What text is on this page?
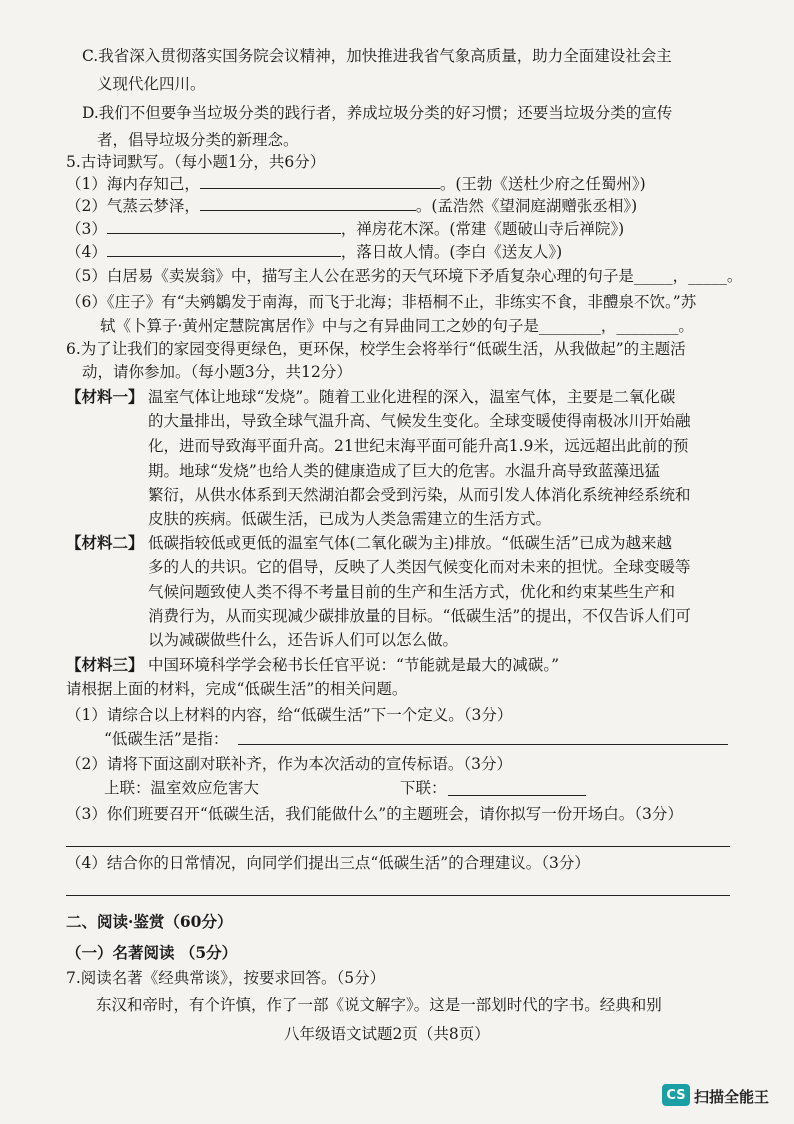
C.我省深入贯彻落实国务院会议精神，加快推进我省气象高质量，助力全面建设社会主
义现代化四川。
D.我们不但要争当垃圾分类的践行者，养成垃圾分类的好习惯；还要当垃圾分类的宣传
者，倡导垃圾分类的新理念。
5.古诗词默写。（每小题1分，共6分）
（1）海内存知己，	。(王勃《送杜少府之任蜀州》)
（2）气蒸云梦泽，	。(孟浩然《望洞庭湖赠张丞相》)
（3）	，禅房花木深。(常建《题破山寺后禅院》)
（4）	，落日故人情。(李白《送友人》)
（5）白居易《卖炭翁》中，描写主人公在恶劣的天气环境下矛盾复杂心理的句子是_____，_____。
（6）《庄子》有“夫鹓鶵发于南海，而飞于北海；非梧桐不止，非练实不食，非醴泉不饮。”苏
轼《卜算子·黄州定慧院寓居作》中与之有异曲同工之妙的句子是________，________。
6.为了让我们的家园变得更绿色，更环保，校学生会将举行“低碳生活，从我做起”的主题活
动，请你参加。（每小题3分，共12分）
【材料一】 温室气体让地球“发烧”。随着工业化进程的深入，温室气体，主要是二氧化碳
的大量排出，导致全球气温升高、气候发生变化。全球变暖使得南极冰川开始融
化，进而导致海平面升高。21世纪末海平面可能升高1.9米，远远超出此前的预
期。地球“发烧”也给人类的健康造成了巨大的危害。水温升高导致蓝藻迅猛
繁衍，从供水体系到天然湖泊都会受到污染，从而引发人体消化系统神经系统和
皮肤的疾病。低碳生活，已成为人类急需建立的生活方式。
【材料二】 低碳指较低或更低的温室气体(二氧化碳为主)排放。“低碳生活”已成为越来越
多的人的共识。它的倡导，反映了人类因气候变化而对未来的担忧。全球变暖等
气候问题致使人类不得不考量目前的生产和生活方式，优化和约束某些生产和
消费行为，从而实现减少碳排放量的目标。“低碳生活”的提出，不仅告诉人们可
以为减碳做些什么，还告诉人们可以怎么做。
【材料三】 中国环境科学学会秘书长任官平说：“节能就是最大的减碳。”
请根据上面的材料，完成“低碳生活”的相关问题。
（1）请综合以上材料的内容，给“低碳生活”下一个定义。（3分）
“低碳生活”是指：
（2）请将下面这副对联补齐，作为本次活动的宣传标语。（3分）
上联：温室效应危害大	下联：
（3）你们班要召开“低碳生活，我们能做什么”的主题班会，请你拟写一份开场白。（3分）
（4）结合你的日常情况，向同学们提出三点“低碳生活”的合理建议。（3分）
二、阅读·鉴赏（60分）
（一）名著阅读 （5分）
7.阅读名著《经典常谈》，按要求回答。（5分）
东汉和帝时，有个许慎，作了一部《说文解字》。这是一部划时代的字书。经典和别
八年级语文试题2页（共8页）
CS 扫描全能王
